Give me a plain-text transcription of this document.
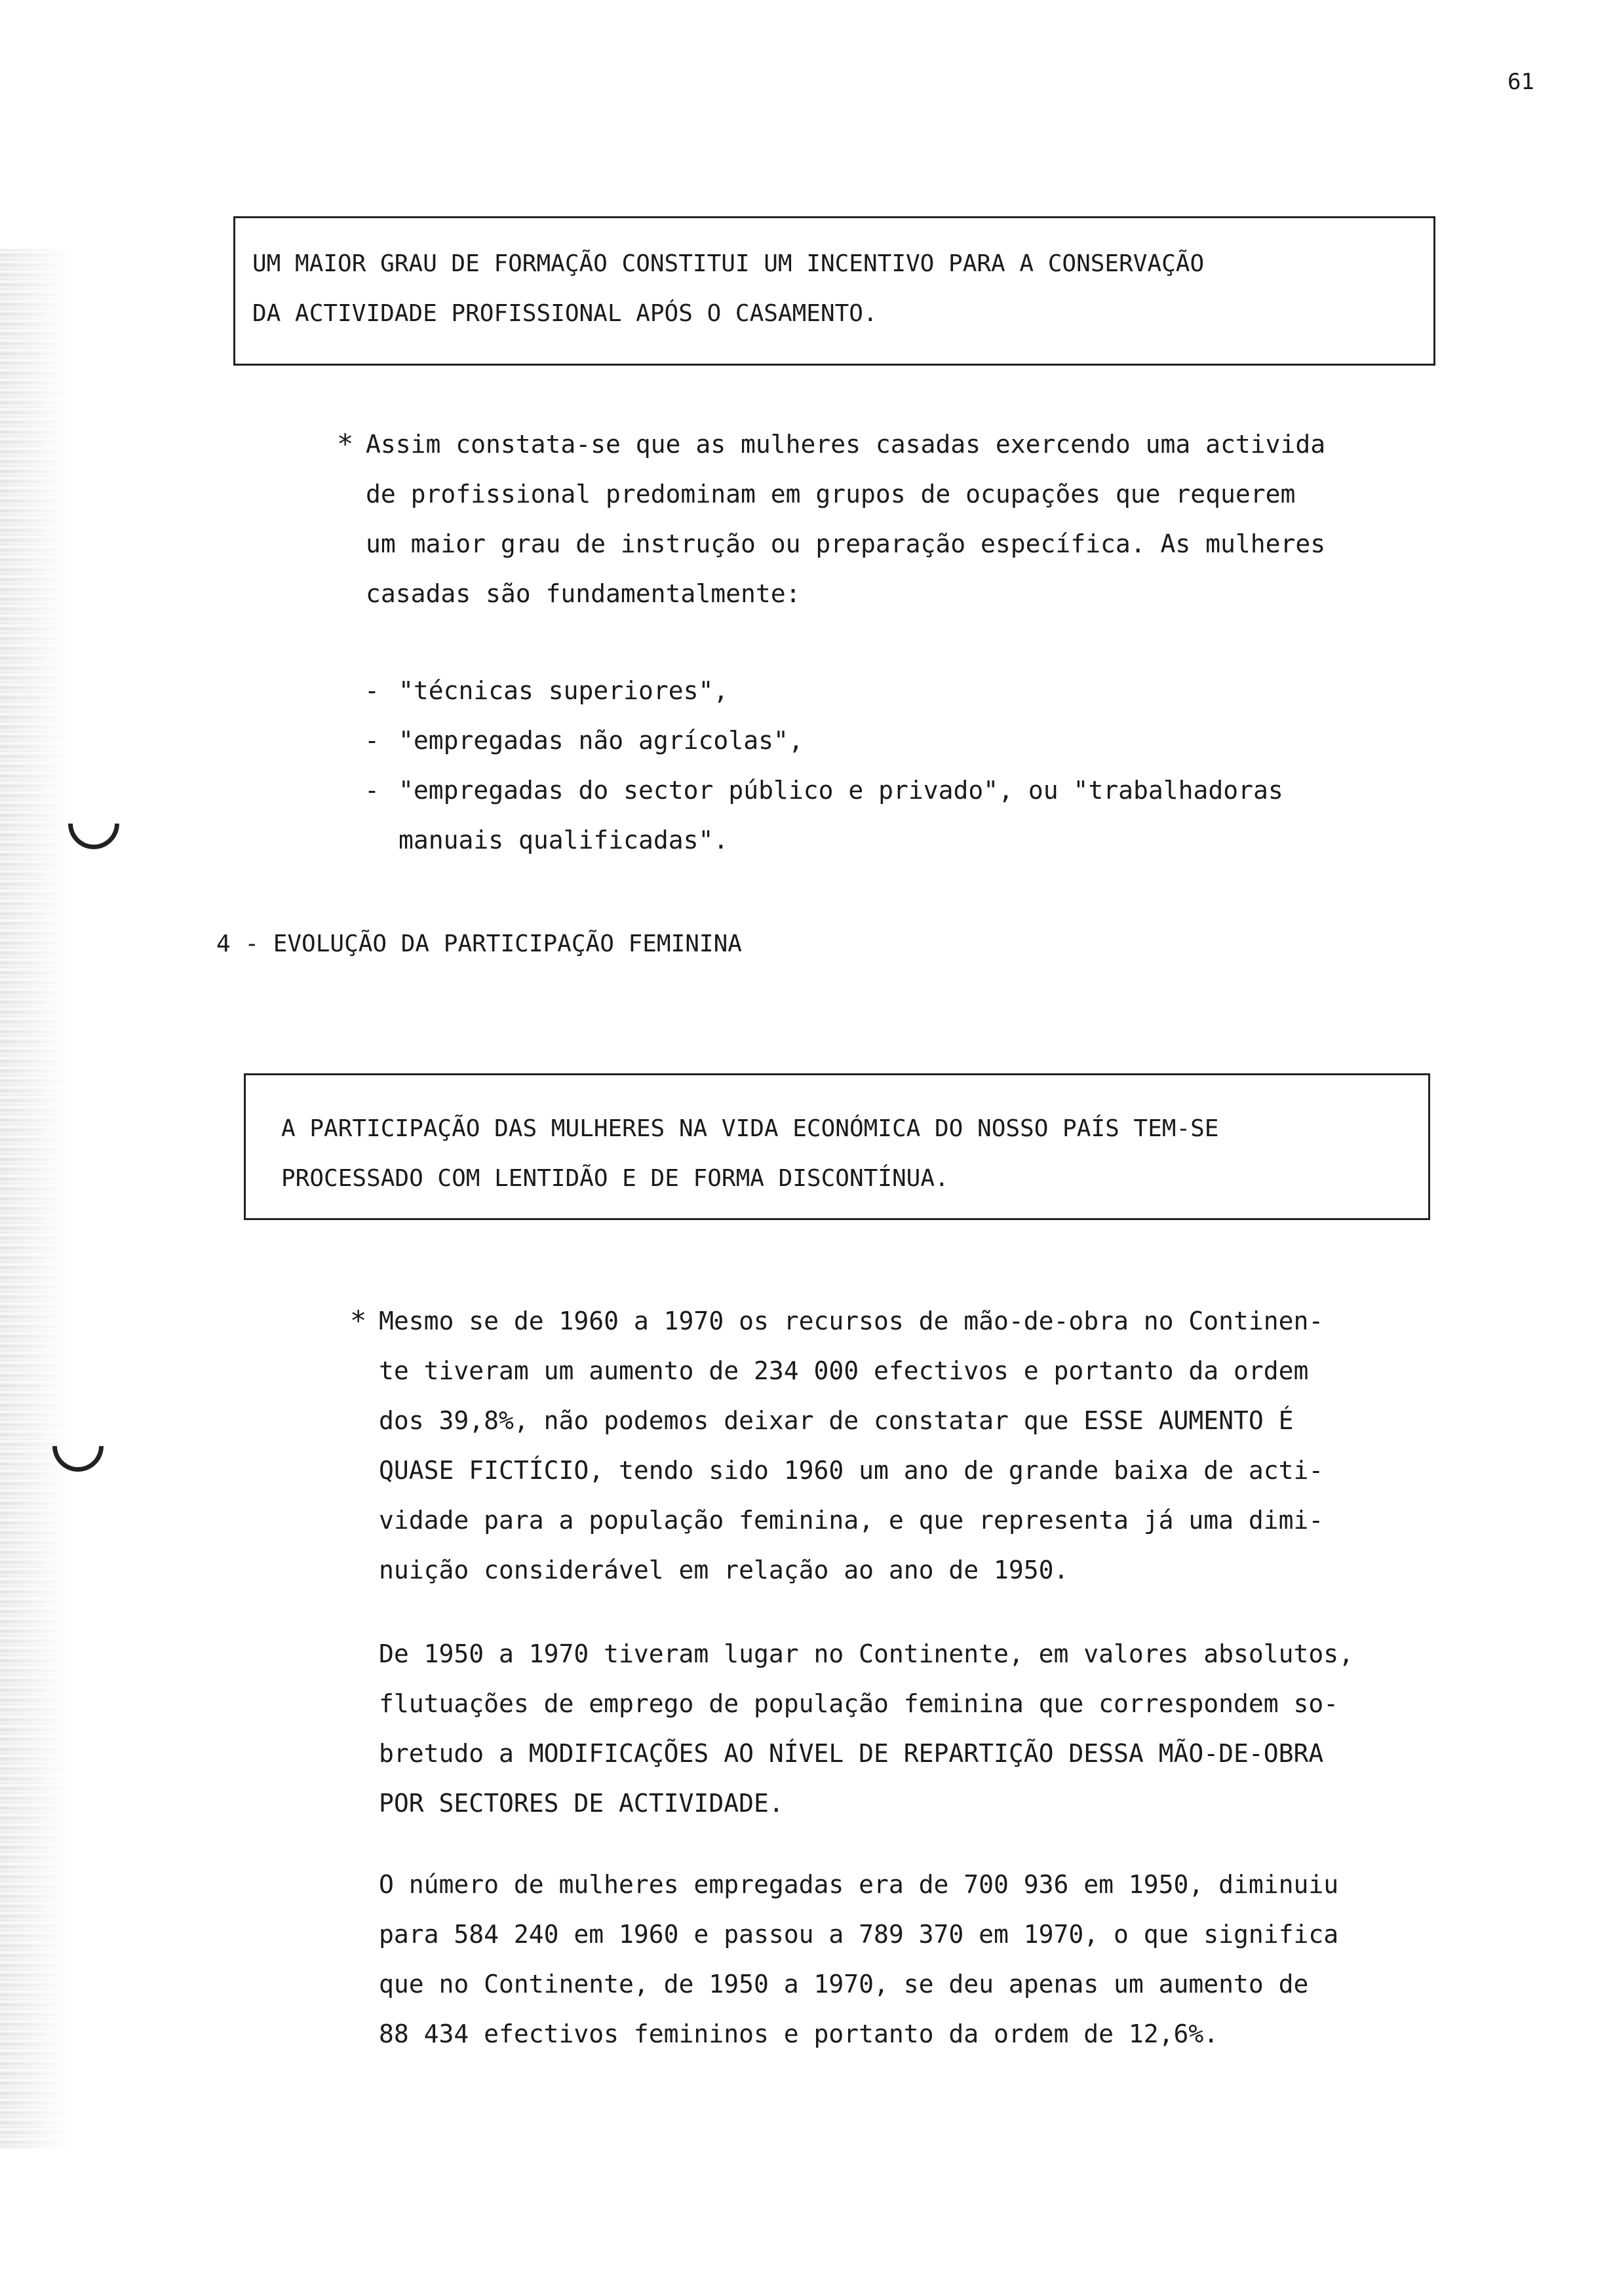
61
UM MAIOR GRAU DE FORMAÇÃO CONSTITUI UM INCENTIVO PARA A CONSERVAÇÃO
DA ACTIVIDADE PROFISSIONAL APÓS O CASAMENTO.
* Assim constata-se que as mulheres casadas exercendo uma activida
de profissional predominam em grupos de ocupações que requerem
um maior grau de instrução ou preparação específica. As mulheres
casadas são fundamentalmente:
- "técnicas superiores",
- "empregadas não agrícolas",
- "empregadas do sector público e privado", ou "trabalhadoras
manuais qualificadas".
4 - EVOLUÇÃO DA PARTICIPAÇÃO FEMININA
A PARTICIPAÇÃO DAS MULHERES NA VIDA ECONÓMICA DO NOSSO PAÍS TEM-SE
PROCESSADO COM LENTIDÃO E DE FORMA DISCONTÍNUA.
* Mesmo se de 1960 a 1970 os recursos de mão-de-obra no Continen-
te tiveram um aumento de 234 000 efectivos e portanto da ordem
dos 39,8%, não podemos deixar de constatar que ESSE AUMENTO É
QUASE FICTÍCIO, tendo sido 1960 um ano de grande baixa de acti-
vidade para a população feminina, e que representa já uma dimi-
nuição considerável em relação ao ano de 1950.
De 1950 a 1970 tiveram lugar no Continente, em valores absolutos,
flutuações de emprego de população feminina que correspondem so-
bretudo a MODIFICAÇÕES AO NÍVEL DE REPARTIÇÃO DESSA MÃO-DE-OBRA
POR SECTORES DE ACTIVIDADE.
O número de mulheres empregadas era de 700 936 em 1950, diminuiu
para 584 240 em 1960 e passou a 789 370 em 1970, o que significa
que no Continente, de 1950 a 1970, se deu apenas um aumento de
88 434 efectivos femininos e portanto da ordem de 12,6%.
